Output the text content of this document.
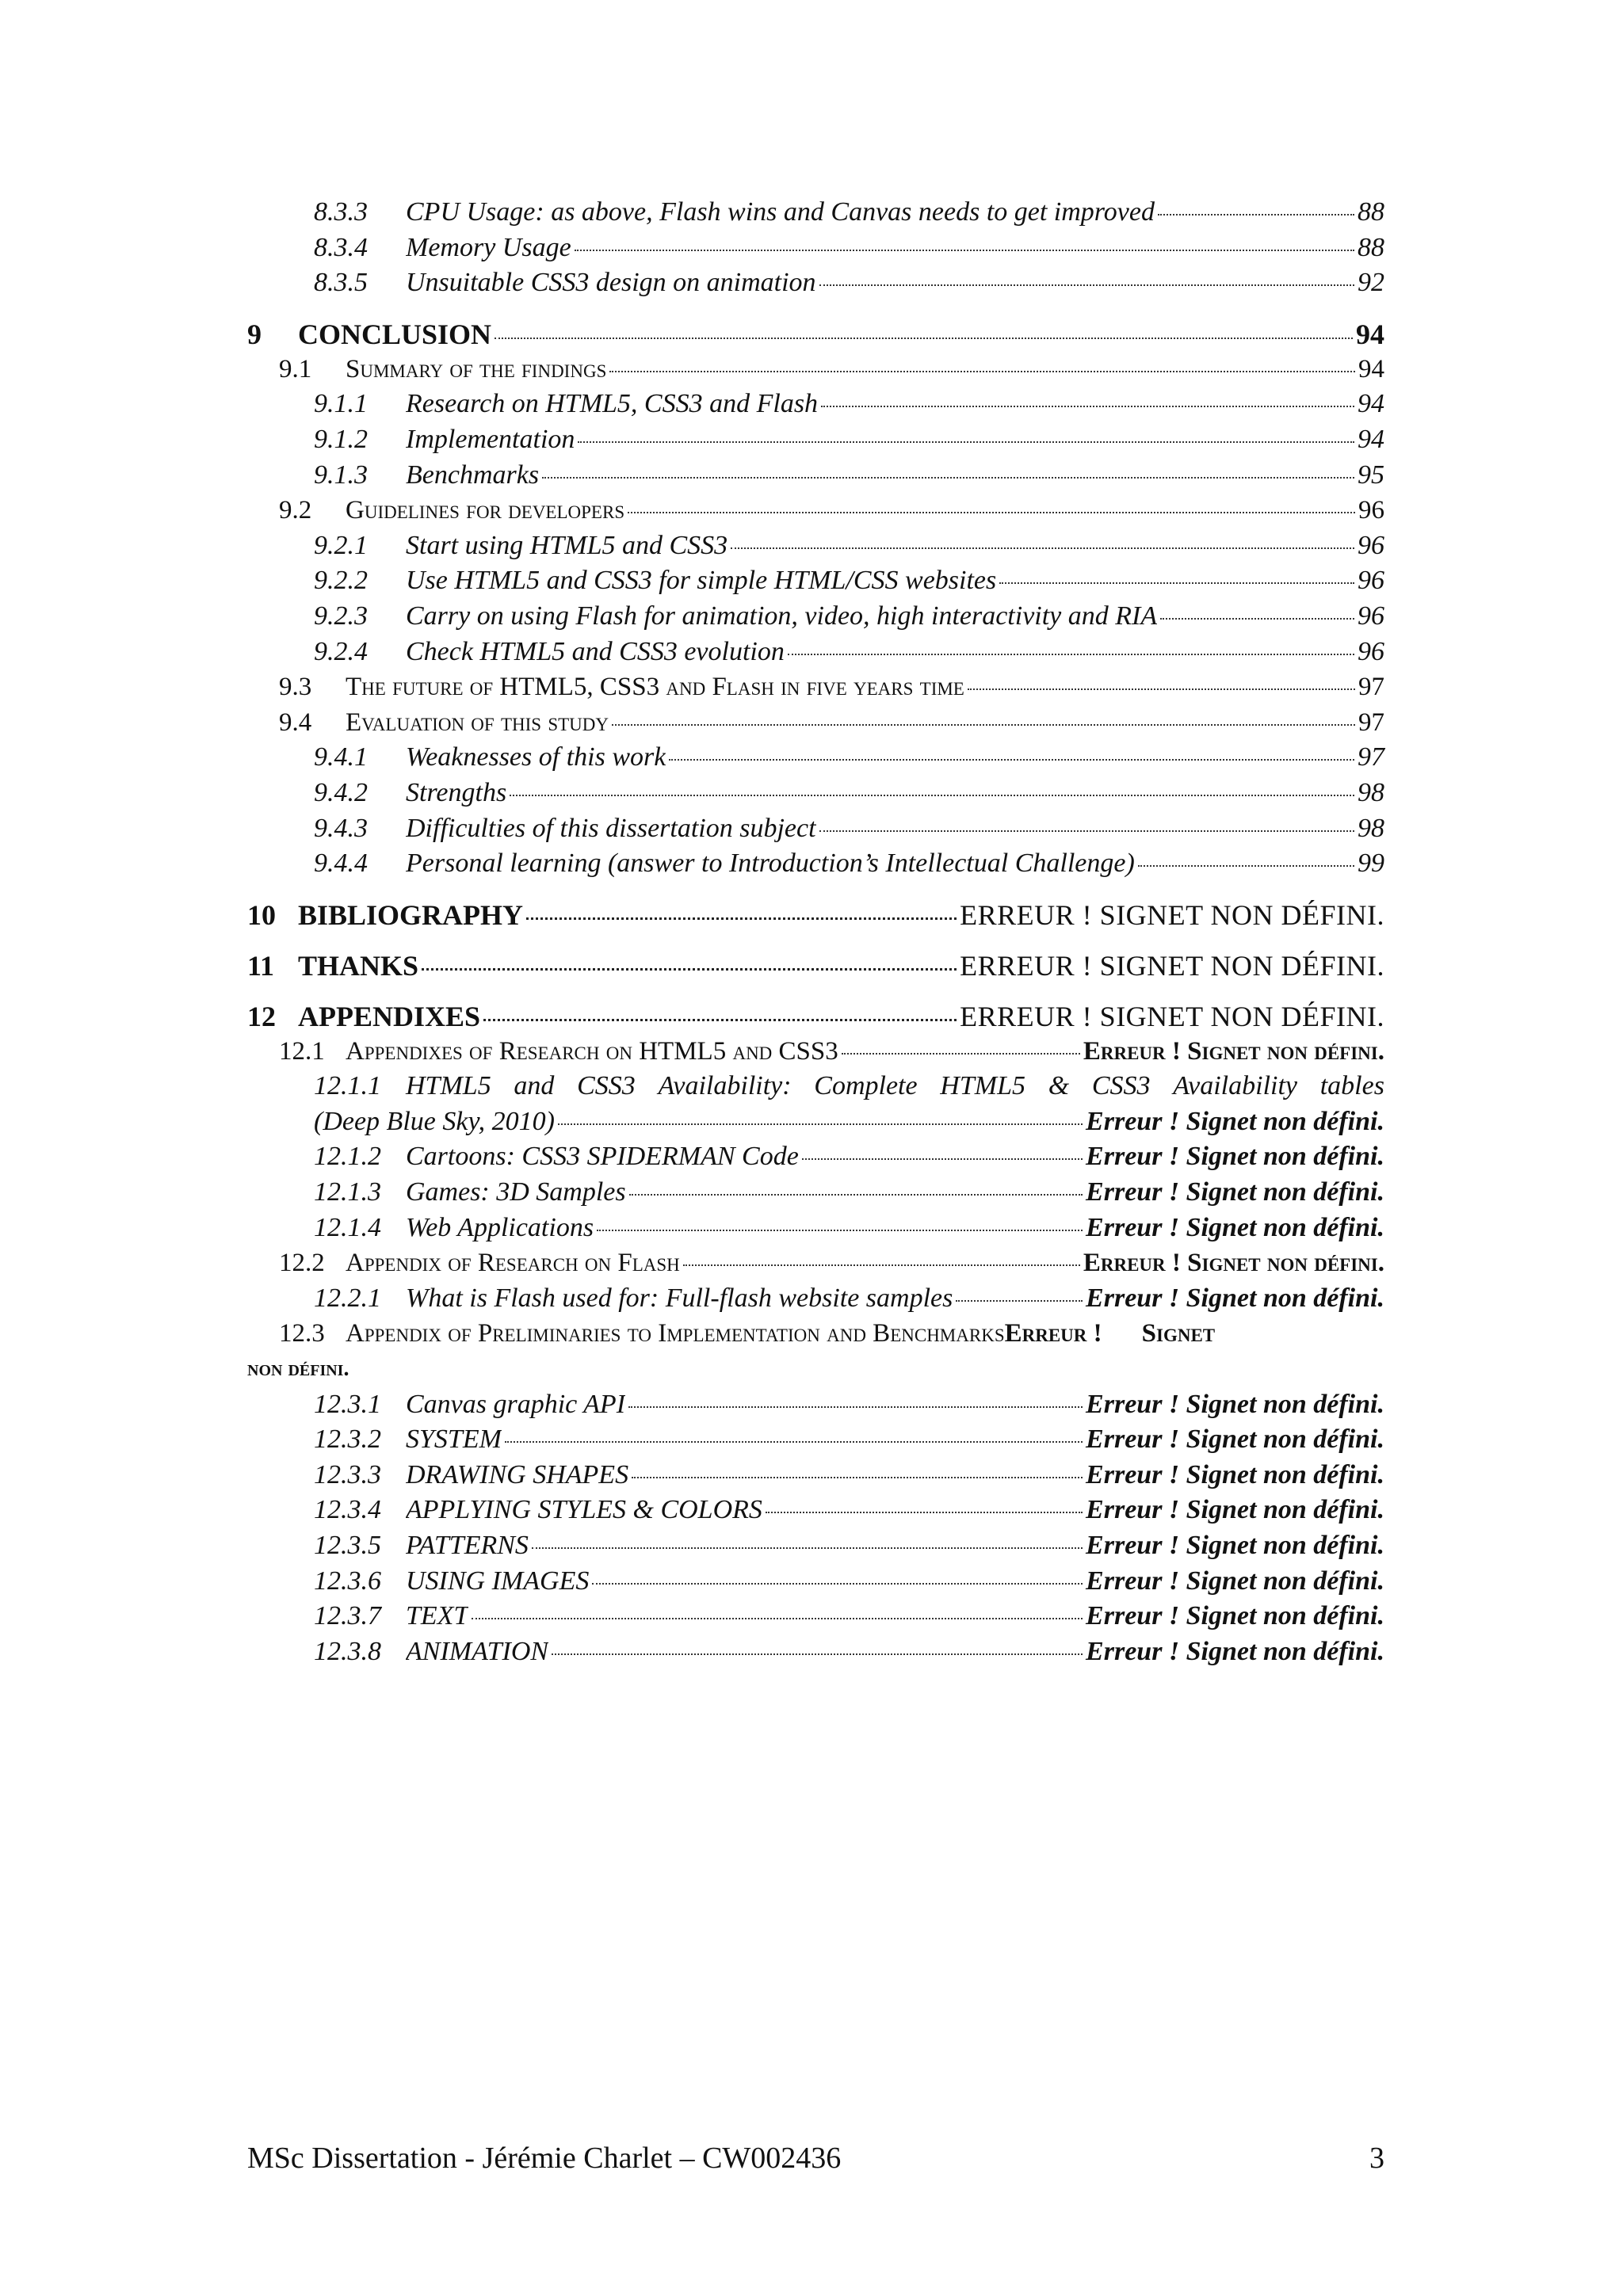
8.3.3	CPU Usage: as above, Flash wins and Canvas needs to get improved	88
8.3.4	Memory Usage	88
8.3.5	Unsuitable CSS3 design on animation	92
9	CONCLUSION	94
9.1	Summary of the findings	94
9.1.1	Research on HTML5, CSS3 and Flash	94
9.1.2	Implementation	94
9.1.3	Benchmarks	95
9.2	Guidelines for developers	96
9.2.1	Start using HTML5 and CSS3	96
9.2.2	Use HTML5 and CSS3 for simple HTML/CSS websites	96
9.2.3	Carry on using Flash for animation, video, high interactivity and RIA	96
9.2.4	Check HTML5 and CSS3 evolution	96
9.3	The future of HTML5, CSS3 and Flash in five years time	97
9.4	Evaluation of this study	97
9.4.1	Weaknesses of this work	97
9.4.2	Strengths	98
9.4.3	Difficulties of this dissertation subject	98
9.4.4	Personal learning (answer to Introduction’s Intellectual Challenge)	99
10 BIBLIOGRAPHY	ERREUR ! SIGNET NON DÉFINI.
11 THANKS	ERREUR ! SIGNET NON DÉFINI.
12 APPENDIXES	ERREUR ! SIGNET NON DÉFINI.
12.1 Appendixes of Research on HTML5 and CSS3	Erreur ! Signet non défini.
12.1.1 HTML5 and CSS3 Availability: Complete HTML5 & CSS3 Availability tables
(Deep Blue Sky, 2010)	Erreur ! Signet non défini.
12.1.2 Cartoons: CSS3 SPIDERMAN Code	Erreur ! Signet non défini.
12.1.3 Games: 3D Samples	Erreur ! Signet non défini.
12.1.4 Web Applications	Erreur ! Signet non défini.
12.2 Appendix of Research on Flash	Erreur ! Signet non défini.
12.2.1 What is Flash used for: Full-flash website samples	Erreur ! Signet non défini.
12.3 Appendix of Preliminaries to Implementation and Benchmarks Erreur ! Signet
non défini.
12.3.1 Canvas graphic API	Erreur ! Signet non défini.
12.3.2 SYSTEM	Erreur ! Signet non défini.
12.3.3 DRAWING SHAPES	Erreur ! Signet non défini.
12.3.4 APPLYING STYLES & COLORS	Erreur ! Signet non défini.
12.3.5 PATTERNS	Erreur ! Signet non défini.
12.3.6 USING IMAGES	Erreur ! Signet non défini.
12.3.7 TEXT	Erreur ! Signet non défini.
12.3.8 ANIMATION	Erreur ! Signet non défini.
MSc Dissertation - Jérémie Charlet – CW002436	3
